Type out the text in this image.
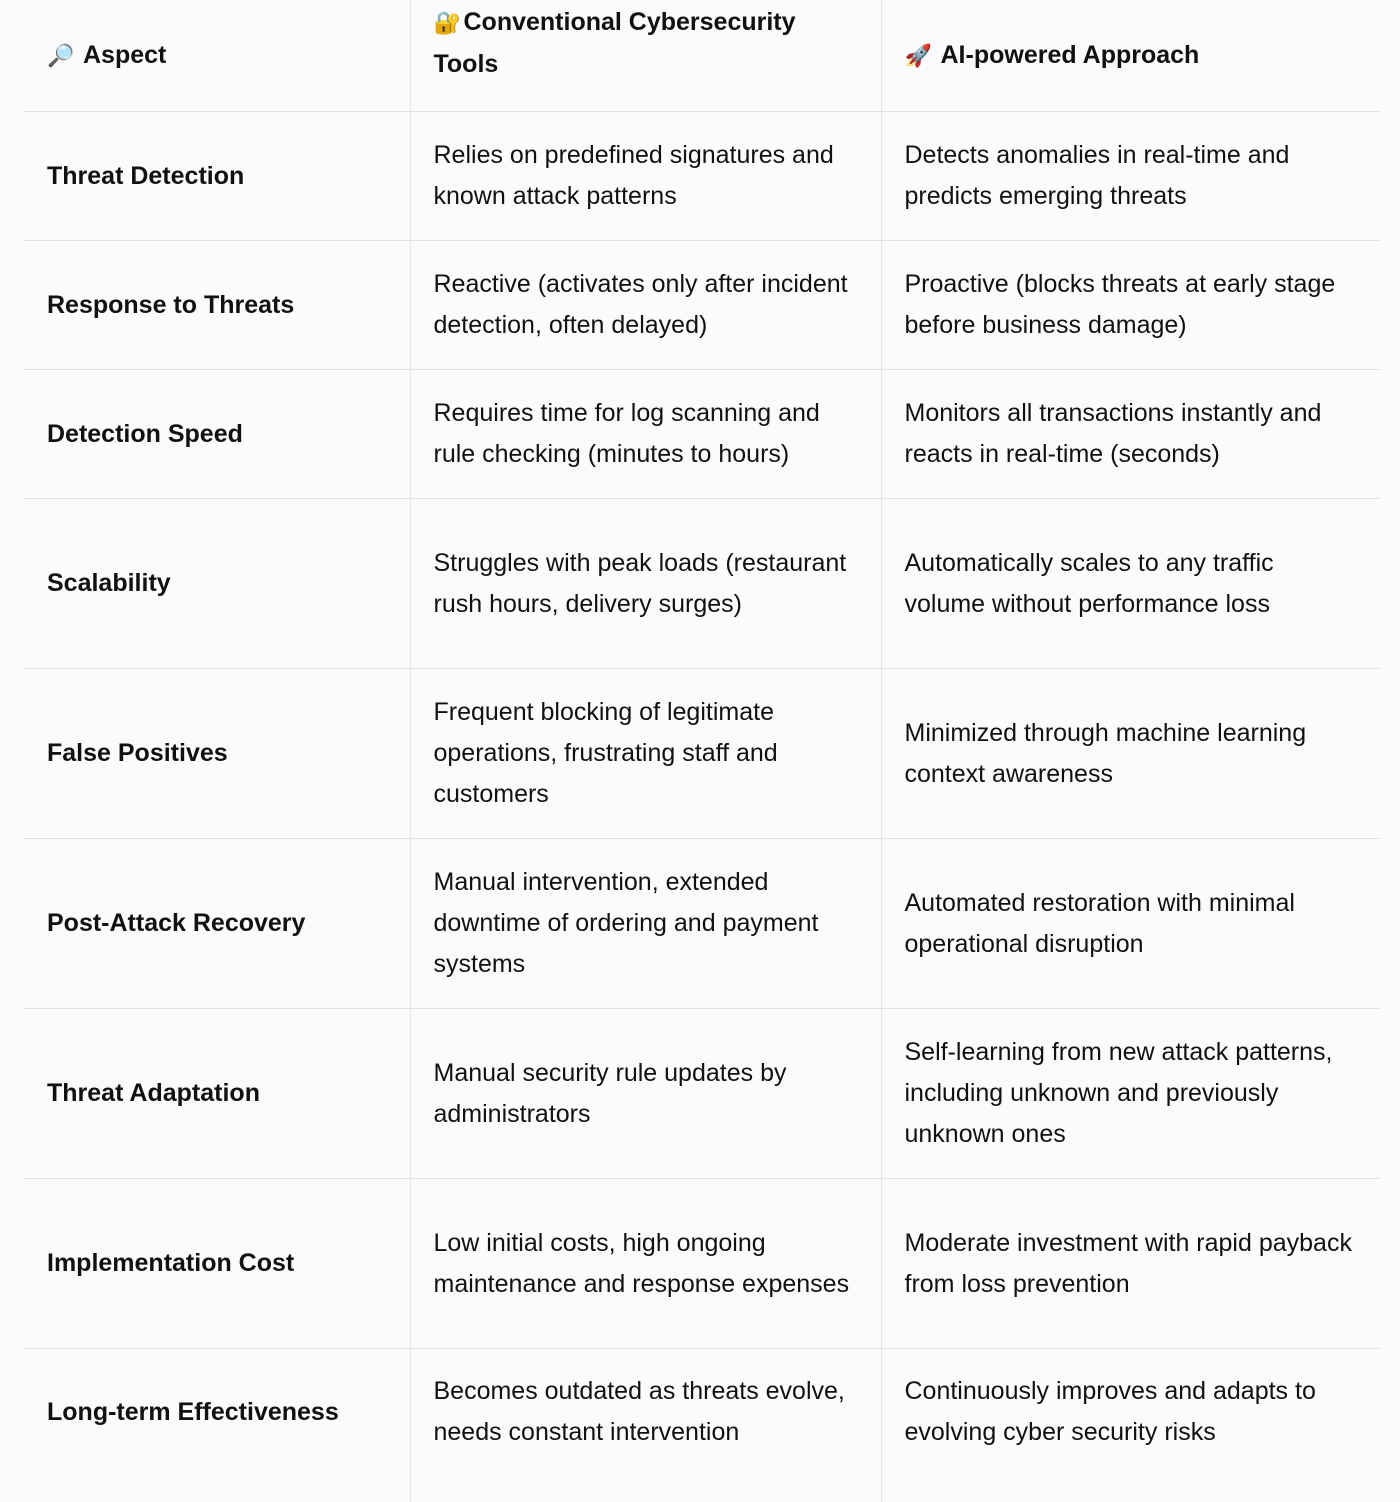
🔎 Aspect	🔐 Conventional Cybersecurity Tools	🚀 AI-powered Approach
Threat Detection	Relies on predefined signatures and known attack patterns	Detects anomalies in real-time and predicts emerging threats
Response to Threats	Reactive (activates only after incident detection, often delayed)	Proactive (blocks threats at early stage before business damage)
Detection Speed	Requires time for log scanning and rule checking (minutes to hours)	Monitors all transactions instantly and reacts in real-time (seconds)
Scalability	Struggles with peak loads (restaurant rush hours, delivery surges)	Automatically scales to any traffic volume without performance loss
False Positives	Frequent blocking of legitimate operations, frustrating staff and customers	Minimized through machine learning context awareness
Post-Attack Recovery	Manual intervention, extended downtime of ordering and payment systems	Automated restoration with minimal operational disruption
Threat Adaptation	Manual security rule updates by administrators	Self-learning from new attack patterns, including unknown and previously unknown ones
Implementation Cost	Low initial costs, high ongoing maintenance and response expenses	Moderate investment with rapid payback from loss prevention
Long-term Effectiveness	Becomes outdated as threats evolve, needs constant intervention	Continuously improves and adapts to evolving cyber security risks
